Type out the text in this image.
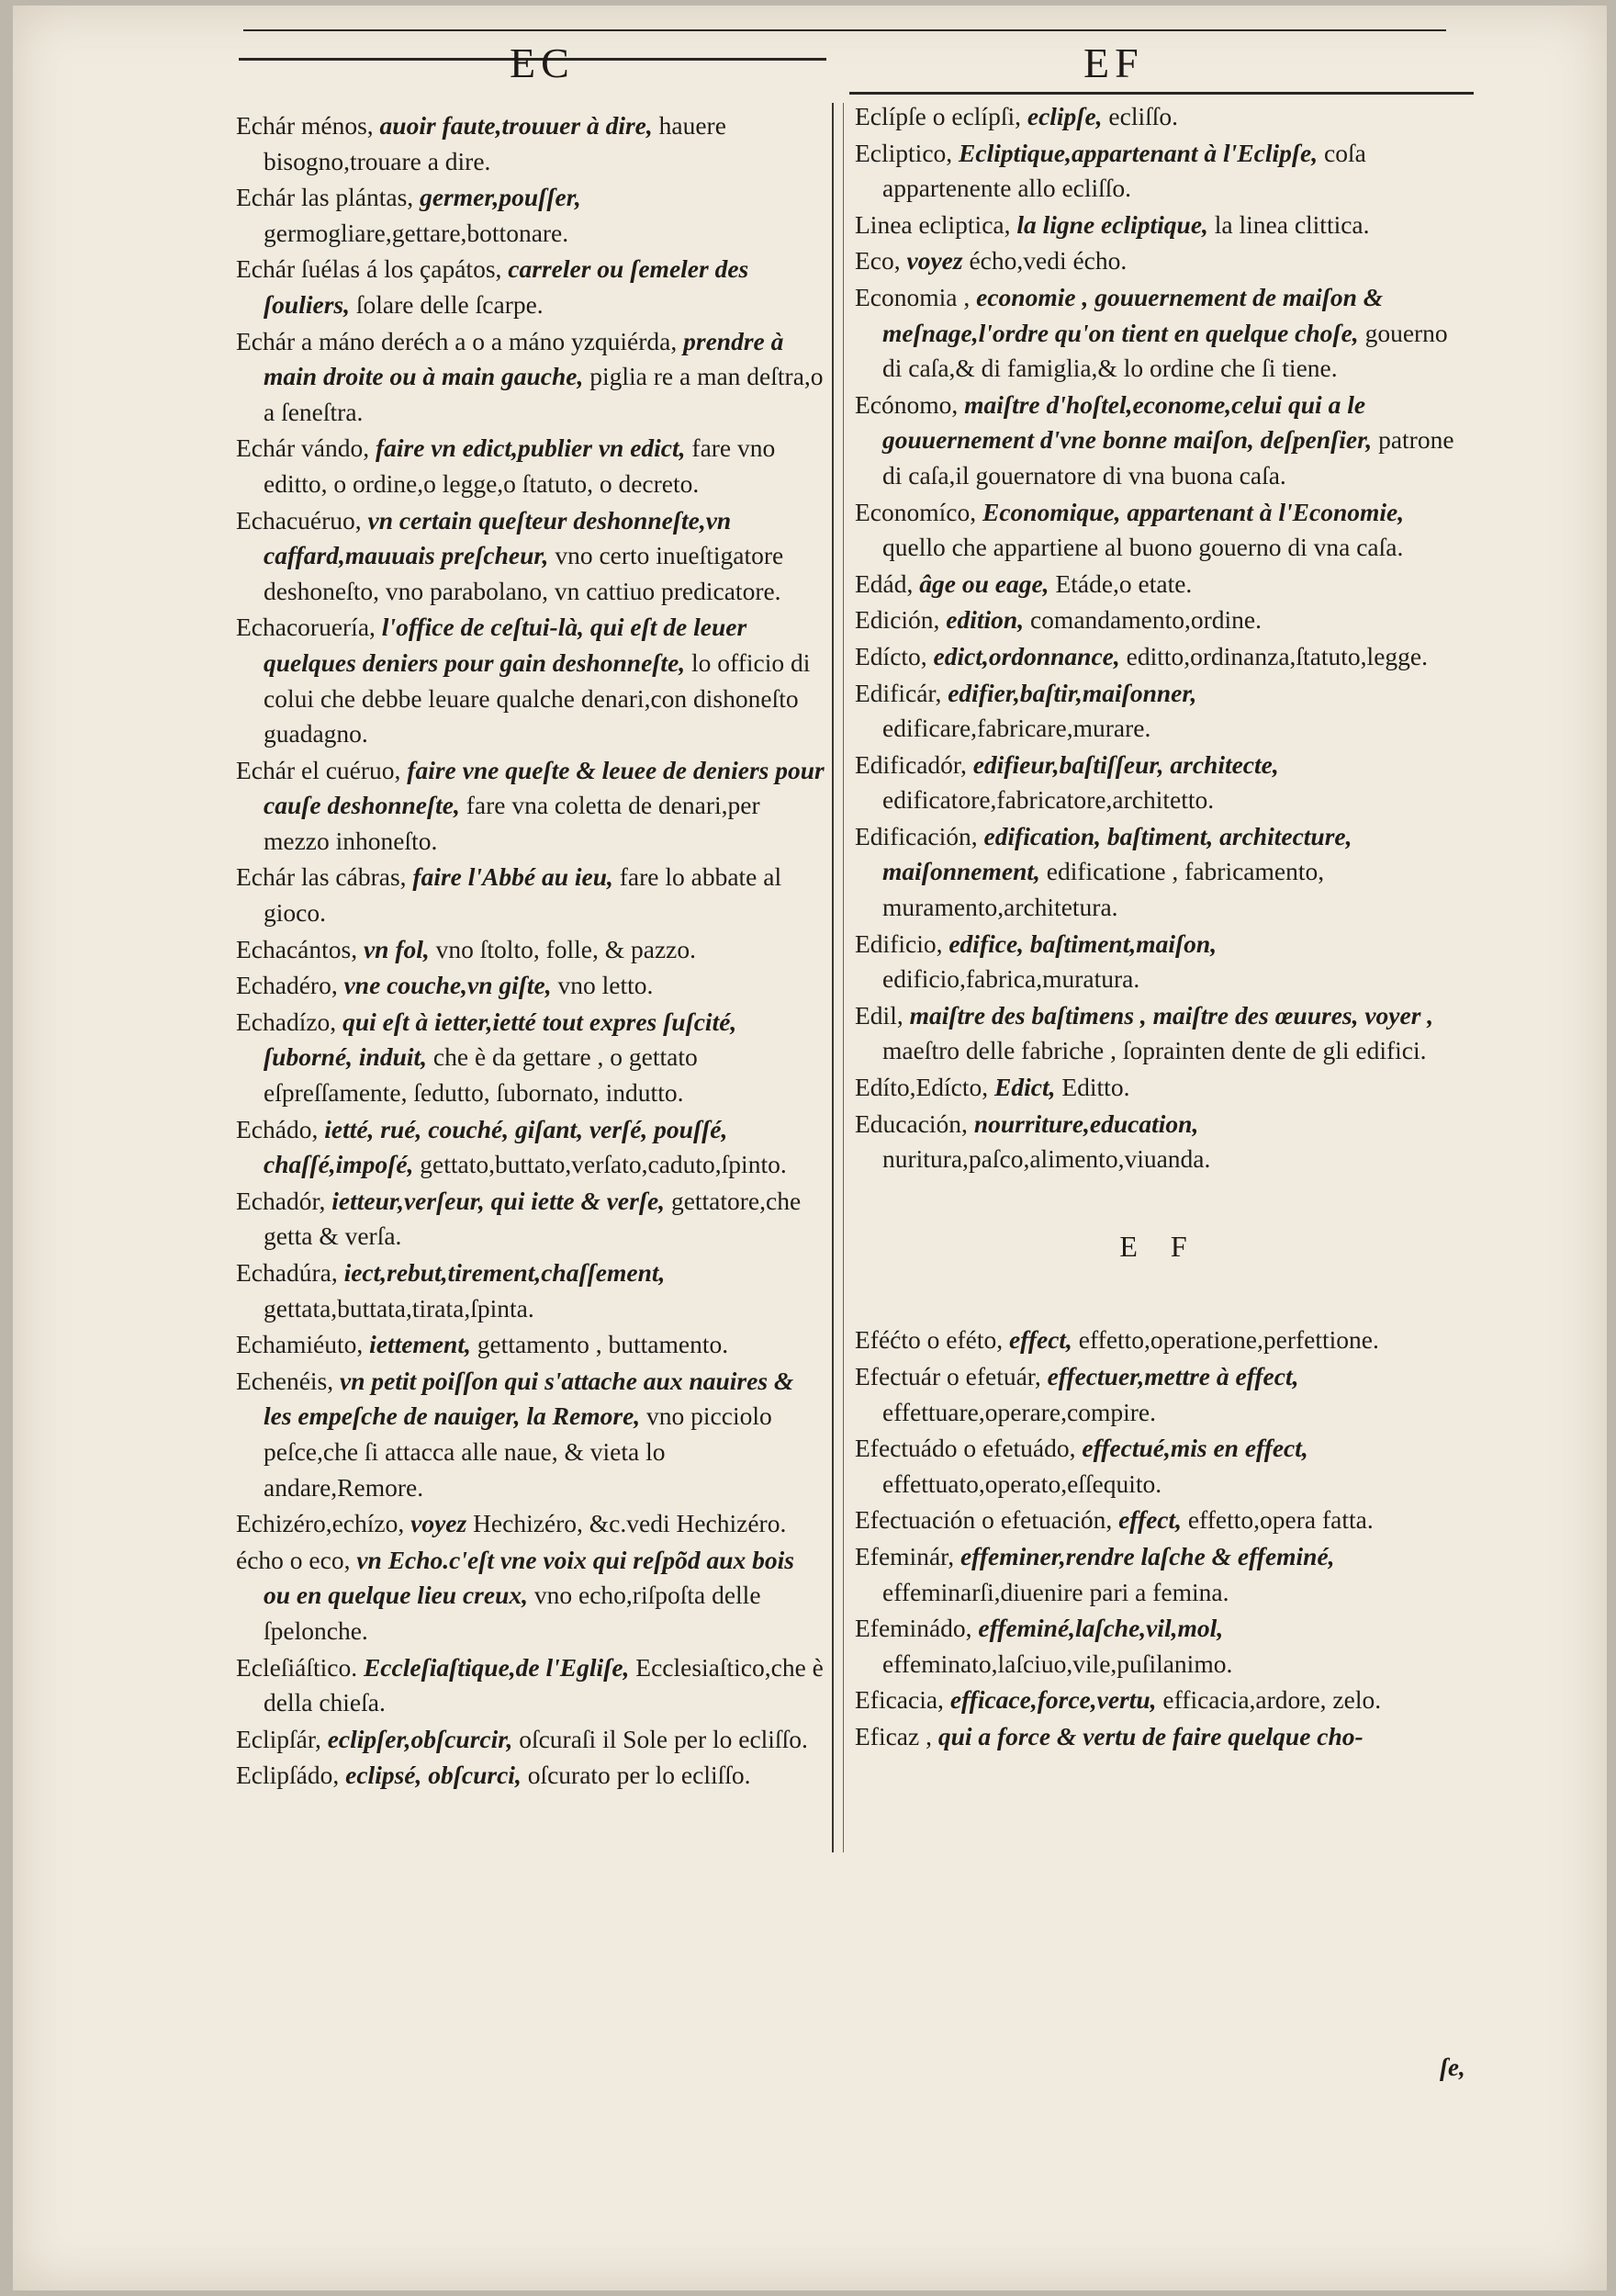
EC	EF
Echár ménos, auoir faute,trouuer à dire, hauere bisogno,trouare a dire.
Echár las plántas, germer,pouſſer, germogliare,gettare,bottonare.
Echár ſuélas á los çapátos, carreler ou ſemeler des ſouliers, ſolare delle ſcarpe.
Echár a máno deréch a o a máno yzquiérda, prendre à main droite ou à main gauche, piglia re a man deſtra,o a ſeneſtra.
Echár vándo, faire vn edict,publier vn edict, fare vno editto, o ordine,o legge,o ſtatuto, o decreto.
Echacuéruo, vn certain queſteur deshonneſte,vn caffard,mauuais preſcheur, vno certo inueſtigatore deshoneſto, vno parabolano, vn cattiuo predicatore.
Echacoruería, l'office de ceſtui-là, qui eſt de leuer quelques deniers pour gain deshonneſte, lo officio di colui che debbe leuare qualche denari,con dishoneſto guadagno.
Echár el cuéruo, faire vne queſte & leuee de deniers pour cauſe deshonneſte, fare vna coletta de denari,per mezzo inhoneſto.
Echár las cábras, faire l'Abbé au ieu, fare lo abbate al gioco.
Echacántos, vn fol, vno ſtolto, folle, & pazzo.
Echadéro, vne couche,vn giſte, vno letto.
Echadízo, qui eſt à ietter,ietté tout expres ſuſcité, ſuborné, induit, che è da gettare , o gettato eſpreſſamente, ſedutto, ſubornato, indutto.
Echádo, ietté, rué, couché, giſant, verſé, pouſſé, chaſſé,impoſé, gettato,buttato,verſato,caduto,ſpinto.
Echadór, ietteur,verſeur, qui iette & verſe, gettatore,che getta & verſa.
Echadúra, iect,rebut,tirement,chaſſement, gettata,buttata,tirata,ſpinta.
Echamiéuto, iettement, gettamento , buttamento.
Echenéis, vn petit poiſſon qui s'attache aux nauires & les empeſche de nauiger, la Remore, vno picciolo peſce,che ſi attacca alle naue, & vieta lo andare,Remore.
Echizéro,echízo, voyez Hechizéro, &c.vedi Hechizéro.
écho o eco, vn Echo.c'eſt vne voix qui reſpõd aux bois ou en quelque lieu creux, vno echo,riſpoſta delle ſpelonche.
Ecleſiáſtico. Eccleſiaſtique,de l'Egliſe, Ecclesiaſtico,che è della chieſa.
Eclipſár, eclipſer,obſcurcir, oſcuraſi il Sole per lo ecliſſo.
Eclipſádo, eclipsé, obſcurci, oſcurato per lo ecliſſo.
Eclípſe o eclípſi, eclipſe, ecliſſo.
Ecliptico, Ecliptique,appartenant à l'Eclipſe, coſa appartenente allo ecliſſo.
Linea ecliptica, la ligne ecliptique, la linea clittica.
Eco, voyez écho,vedi écho.
Economia , economie , gouuernement de maiſon & meſnage,l'ordre qu'on tient en quelque choſe, gouerno di caſa,& di famiglia,& lo ordine che ſi tiene.
Ecónomo, maiſtre d'hoſtel,econome,celui qui a le gouuernement d'vne bonne maiſon, deſpenſier, patrone di caſa,il gouernatore di vna buona caſa.
Economíco, Economique, appartenant à l'Economie, quello che appartiene al buono gouerno di vna caſa.
Edád, âge ou eage, Etáde,o etate.
Edición, edition, comandamento,ordine.
Edícto, edict,ordonnance, editto,ordinanza,ſtatuto,legge.
Edificár, edifier,baſtir,maiſonner, edificare,fabricare,murare.
Edificadór, edifieur,baſtiſſeur, architecte, edificatore,fabricatore,architetto.
Edificación, edification, baſtiment, architecture, maiſonnement, edificatione , fabricamento, muramento,architetura.
Edificio, edifice, baſtiment,maiſon, edificio,fabrica,muratura.
Edil, maiſtre des baſtimens , maiſtre des œuures, voyer , maeſtro delle fabriche , ſoprainten dente de gli edifici.
Edíto,Edícto, Edict, Editto.
Educación, nourriture,education, nuritura,paſco,alimento,viuanda.
E F
Eféćto o eféto, effect, effetto,operatione,perfettione.
Efectuár o efetuár, effectuer,mettre à effect, effettuare,operare,compire.
Efectuádo o efetuádo, effectué,mis en effect, effettuato,operato,eſſequito.
Efectuación o efetuación, effect, effetto,opera fatta.
Efeminár, effeminer,rendre laſche & effeminé, effeminarſi,diuenire pari a femina.
Efeminádo, effeminé,laſche,vil,mol, effeminato,laſciuo,vile,puſilanimo.
Eficacia, efficace,force,vertu, efficacia,ardore, zelo.
Eficaz , qui a force & vertu de faire quelque cho-
ſe,
